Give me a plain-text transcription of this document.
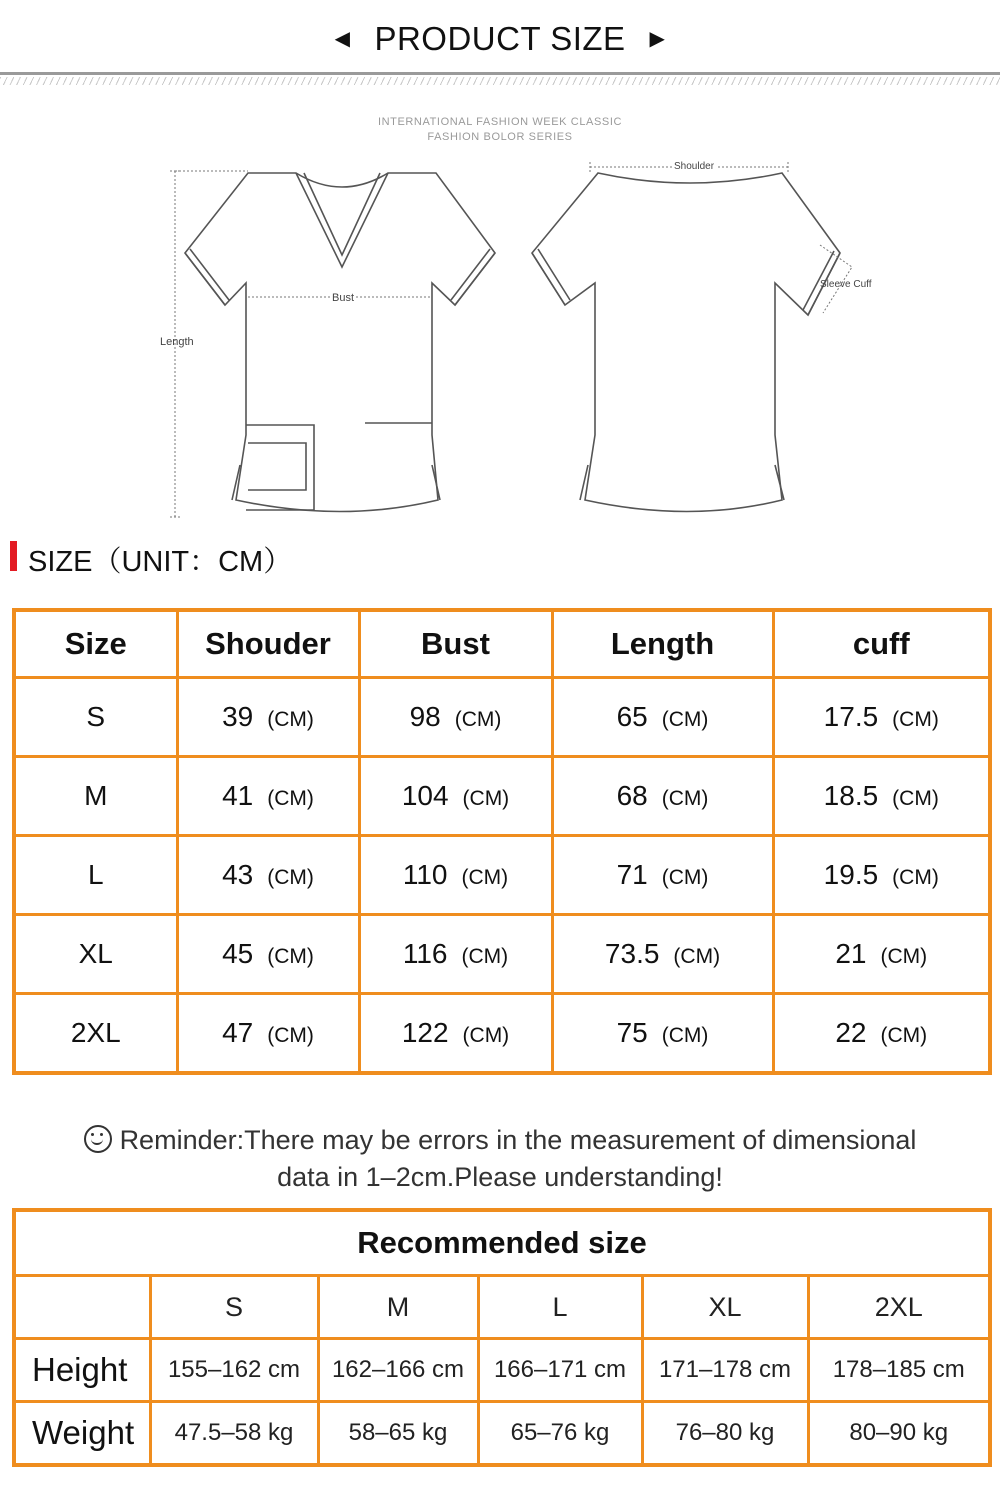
◀ PRODUCT SIZE ▶
INTERNATIONAL FASHION WEEK CLASSIC
FASHION BOLOR SERIES
Length
Bust
Shoulder
Sleeve Cuff
SIZE（UNIT：CM）
Size	Shouder	Bust	Length	cuff
S	39 (CM)	98 (CM)	65 (CM)	17.5 (CM)
M	41 (CM)	104 (CM)	68 (CM)	18.5 (CM)
L	43 (CM)	110 (CM)	71 (CM)	19.5 (CM)
XL	45 (CM)	116 (CM)	73.5 (CM)	21 (CM)
2XL	47 (CM)	122 (CM)	75 (CM)	22 (CM)
Reminder:There may be errors in the measurement of dimensional
data in 1–2cm.Please understanding!
Recommended size					
	S	M	L	XL	2XL
Height	155–162 cm	162–166 cm	166–171 cm	171–178 cm	178–185 cm
Weight	47.5–58 kg	58–65 kg	65–76 kg	76–80 kg	80–90 kg
